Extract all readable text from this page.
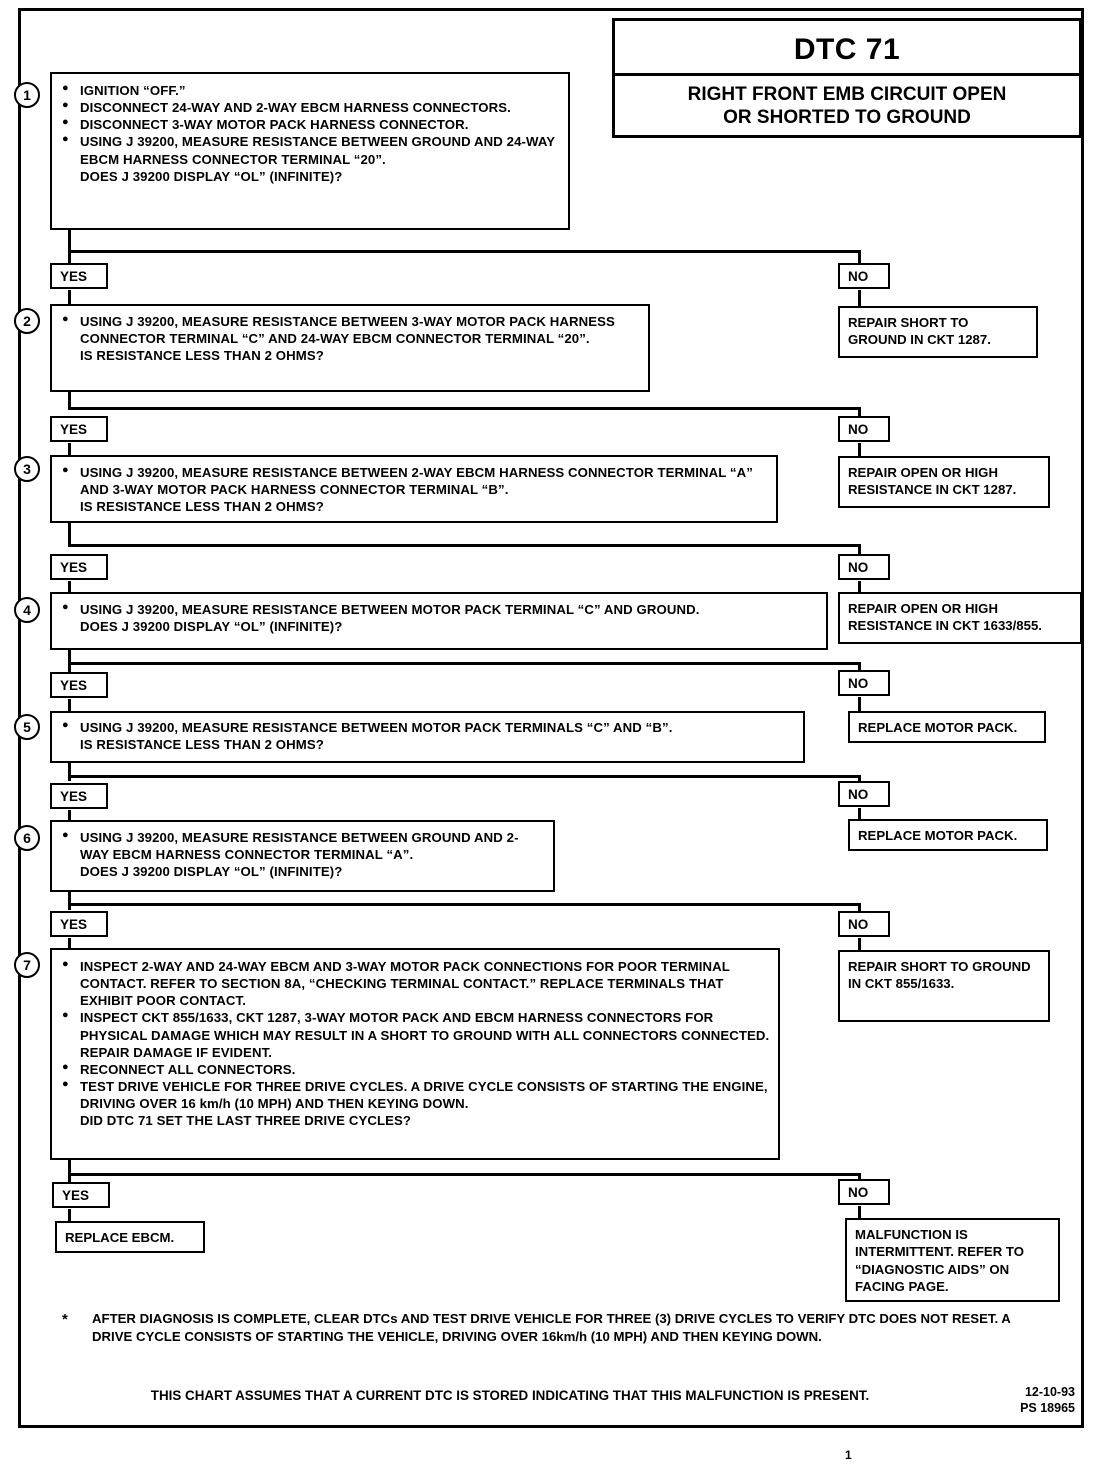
DTC 71
RIGHT FRONT EMB CIRCUIT OPEN
OR SHORTED TO GROUND
1	● IGNITION “OFF.”
● DISCONNECT 24-WAY AND 2-WAY EBCM HARNESS CONNECTORS.
● DISCONNECT 3-WAY MOTOR PACK HARNESS CONNECTOR.
● USING J 39200, MEASURE RESISTANCE BETWEEN GROUND AND 24-WAY EBCM HARNESS CONNECTOR TERMINAL “20”.
DOES J 39200 DISPLAY “OL” (INFINITE)?
YES	NO
REPAIR SHORT TO GROUND IN CKT 1287.
2	● USING J 39200, MEASURE RESISTANCE BETWEEN 3-WAY MOTOR PACK HARNESS CONNECTOR TERMINAL “C” AND 24-WAY EBCM CONNECTOR TERMINAL “20”.
IS RESISTANCE LESS THAN 2 OHMS?
YES	NO
REPAIR OPEN OR HIGH RESISTANCE IN CKT 1287.
3	● USING J 39200, MEASURE RESISTANCE BETWEEN 2-WAY EBCM HARNESS CONNECTOR TERMINAL “A” AND 3-WAY MOTOR PACK HARNESS CONNECTOR TERMINAL “B”.
IS RESISTANCE LESS THAN 2 OHMS?
YES	NO
REPAIR OPEN OR HIGH RESISTANCE IN CKT 1633/855.
4	● USING J 39200, MEASURE RESISTANCE BETWEEN MOTOR PACK TERMINAL “C” AND GROUND.
DOES J 39200 DISPLAY “OL” (INFINITE)?
YES	NO
REPLACE MOTOR PACK.
5	● USING J 39200, MEASURE RESISTANCE BETWEEN MOTOR PACK TERMINALS “C” AND “B”.
IS RESISTANCE LESS THAN 2 OHMS?
YES	NO
REPLACE MOTOR PACK.
6	● USING J 39200, MEASURE RESISTANCE BETWEEN GROUND AND 2-WAY EBCM HARNESS CONNECTOR TERMINAL “A”.
DOES J 39200 DISPLAY “OL” (INFINITE)?
YES	NO
REPAIR SHORT TO GROUND IN CKT 855/1633.
7	● INSPECT 2-WAY AND 24-WAY EBCM AND 3-WAY MOTOR PACK CONNECTIONS FOR POOR TERMINAL CONTACT. REFER TO SECTION 8A, “CHECKING TERMINAL CONTACT.” REPLACE TERMINALS THAT EXHIBIT POOR CONTACT.
● INSPECT CKT 855/1633, CKT 1287, 3-WAY MOTOR PACK AND EBCM HARNESS CONNECTORS FOR PHYSICAL DAMAGE WHICH MAY RESULT IN A SHORT TO GROUND WITH ALL CONNECTORS CONNECTED. REPAIR DAMAGE IF EVIDENT.
● RECONNECT ALL CONNECTORS.
● TEST DRIVE VEHICLE FOR THREE DRIVE CYCLES. A DRIVE CYCLE CONSISTS OF STARTING THE ENGINE, DRIVING OVER 16 km/h (10 MPH) AND THEN KEYING DOWN.
DID DTC 71 SET THE LAST THREE DRIVE CYCLES?
YES	NO
REPLACE EBCM.	MALFUNCTION IS INTERMITTENT. REFER TO “DIAGNOSTIC AIDS” ON FACING PAGE.
* AFTER DIAGNOSIS IS COMPLETE, CLEAR DTCs AND TEST DRIVE VEHICLE FOR THREE (3) DRIVE CYCLES TO VERIFY DTC DOES NOT RESET. A DRIVE CYCLE CONSISTS OF STARTING THE VEHICLE, DRIVING OVER 16km/h (10 MPH) AND THEN KEYING DOWN.
THIS CHART ASSUMES THAT A CURRENT DTC IS STORED INDICATING THAT THIS MALFUNCTION IS PRESENT.	12-10-93
PS 18965
1
